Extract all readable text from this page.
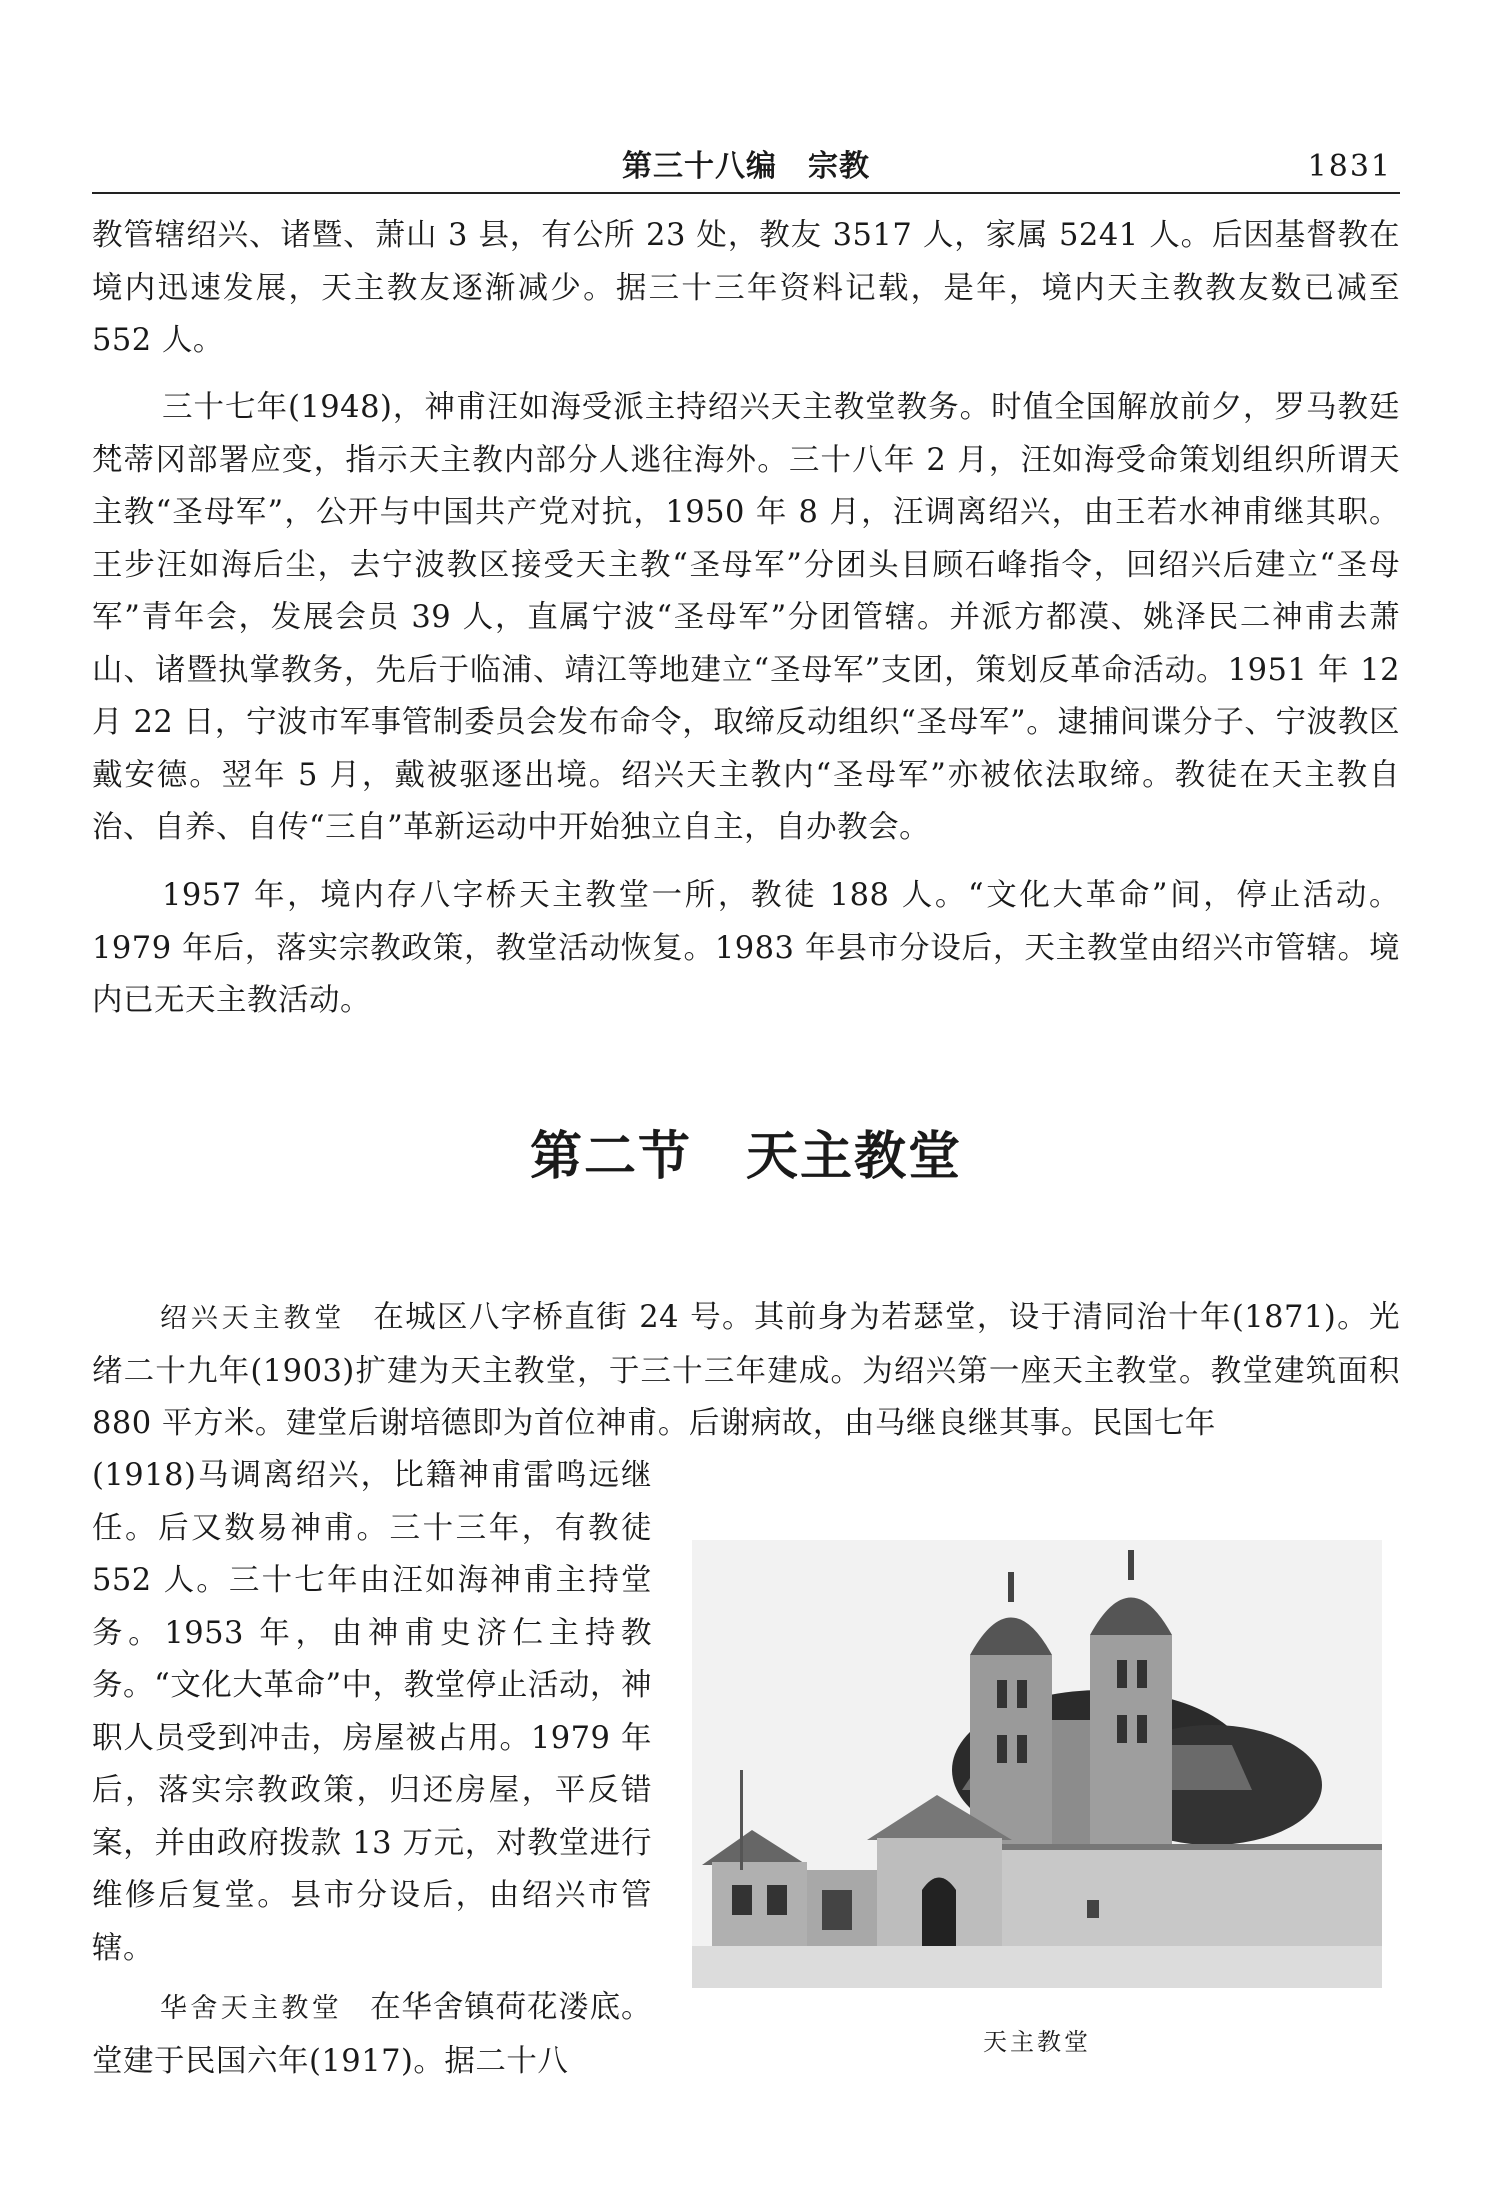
第三十八编　宗教	1831

教管辖绍兴、诸暨、萧山 3 县，有公所 23 处，教友 3517 人，家属 5241 人。后因基督教在境内迅速发展，天主教友逐渐减少。据三十三年资料记载，是年，境内天主教教友数已减至 552 人。

三十七年(1948)，神甫汪如海受派主持绍兴天主教堂教务。时值全国解放前夕，罗马教廷梵蒂冈部署应变，指示天主教内部分人逃往海外。三十八年 2 月，汪如海受命策划组织所谓天主教“圣母军”，公开与中国共产党对抗，1950 年 8 月，汪调离绍兴，由王若水神甫继其职。王步汪如海后尘，去宁波教区接受天主教“圣母军”分团头目顾石峰指令，回绍兴后建立“圣母军”青年会，发展会员 39 人，直属宁波“圣母军”分团管辖。并派方都漠、姚泽民二神甫去萧山、诸暨执掌教务，先后于临浦、靖江等地建立“圣母军”支团，策划反革命活动。1951 年 12 月 22 日，宁波市军事管制委员会发布命令，取缔反动组织“圣母军”。逮捕间谍分子、宁波教区戴安德。翌年 5 月，戴被驱逐出境。绍兴天主教内“圣母军”亦被依法取缔。教徒在天主教自治、自养、自传“三自”革新运动中开始独立自主，自办教会。

1957 年，境内存八字桥天主教堂一所，教徒 188 人。“文化大革命”间，停止活动。1979 年后，落实宗教政策，教堂活动恢复。1983 年县市分设后，天主教堂由绍兴市管辖。境内已无天主教活动。

第二节　天主教堂

绍兴天主教堂 在城区八字桥直街 24 号。其前身为若瑟堂，设于清同治十年(1871)。光绪二十九年(1903)扩建为天主教堂，于三十三年建成。为绍兴第一座天主教堂。教堂建筑面积 880 平方米。建堂后谢培德即为首位神甫。后谢病故，由马继良继其事。民国七年

(1918)马调离绍兴，比籍神甫雷鸣远继任。后又数易神甫。三十三年，有教徒 552 人。三十七年由汪如海神甫主持堂务。1953 年，由神甫史济仁主持教务。“文化大革命”中，教堂停止活动，神职人员受到冲击，房屋被占用。1979 年后，落实宗教政策，归还房屋，平反错案，并由政府拨款 13 万元，对教堂进行维修后复堂。县市分设后，由绍兴市管辖。

华舍天主教堂 在华舍镇荷花溇底。堂建于民国六年(1917)。据二十八

天主教堂
